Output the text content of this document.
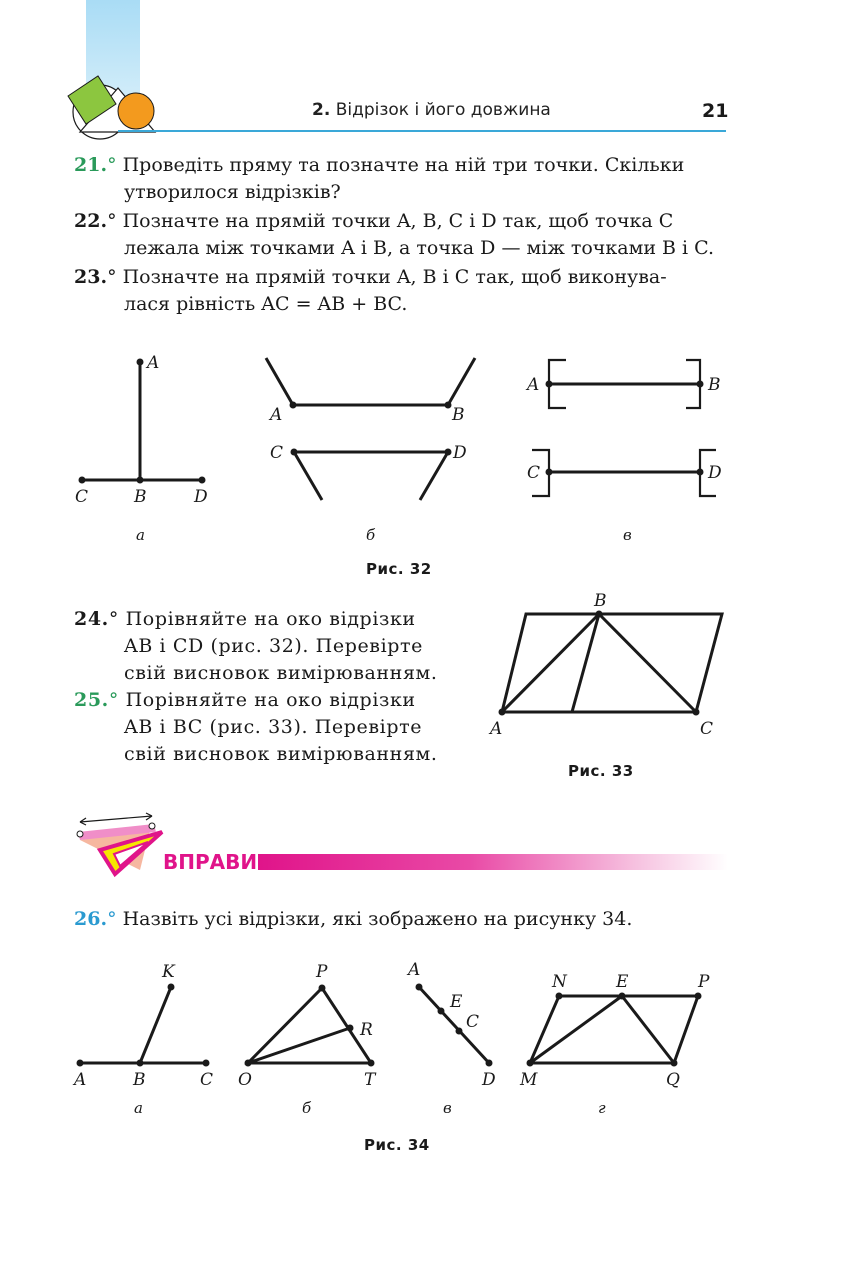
2. Відрізок і його довжина	21
21.° Проведіть пряму та позначте на ній три точки. Скільки
утворилося відрізків?
22.° Позначте на прямій точки A, B, C і D так, щоб точка C
лежала між точками A і B, а точка D — між точками B і C.
23.° Позначте на прямій точки A, B і C так, щоб виконува-
лася рівність AC = AB + BC.
A
C	B	D
A	B
C	D
A	B
C	D
а	б	в
Рис. 32
24.° Порівняйте на око відрізки
AB і CD (рис. 32). Перевірте
свій висновок вимірюванням.
25.° Порівняйте на око відрізки
AB і BC (рис. 33). Перевірте
свій висновок вимірюванням.
B
A	C
Рис. 33
ВПРАВИ
26.° Назвіть усі відрізки, які зображено на рисунку 34.
K
A	B	C
P
R
O	T
A
E
C
D
N	E	P
M	Q
а	б	в	г
Рис. 34
